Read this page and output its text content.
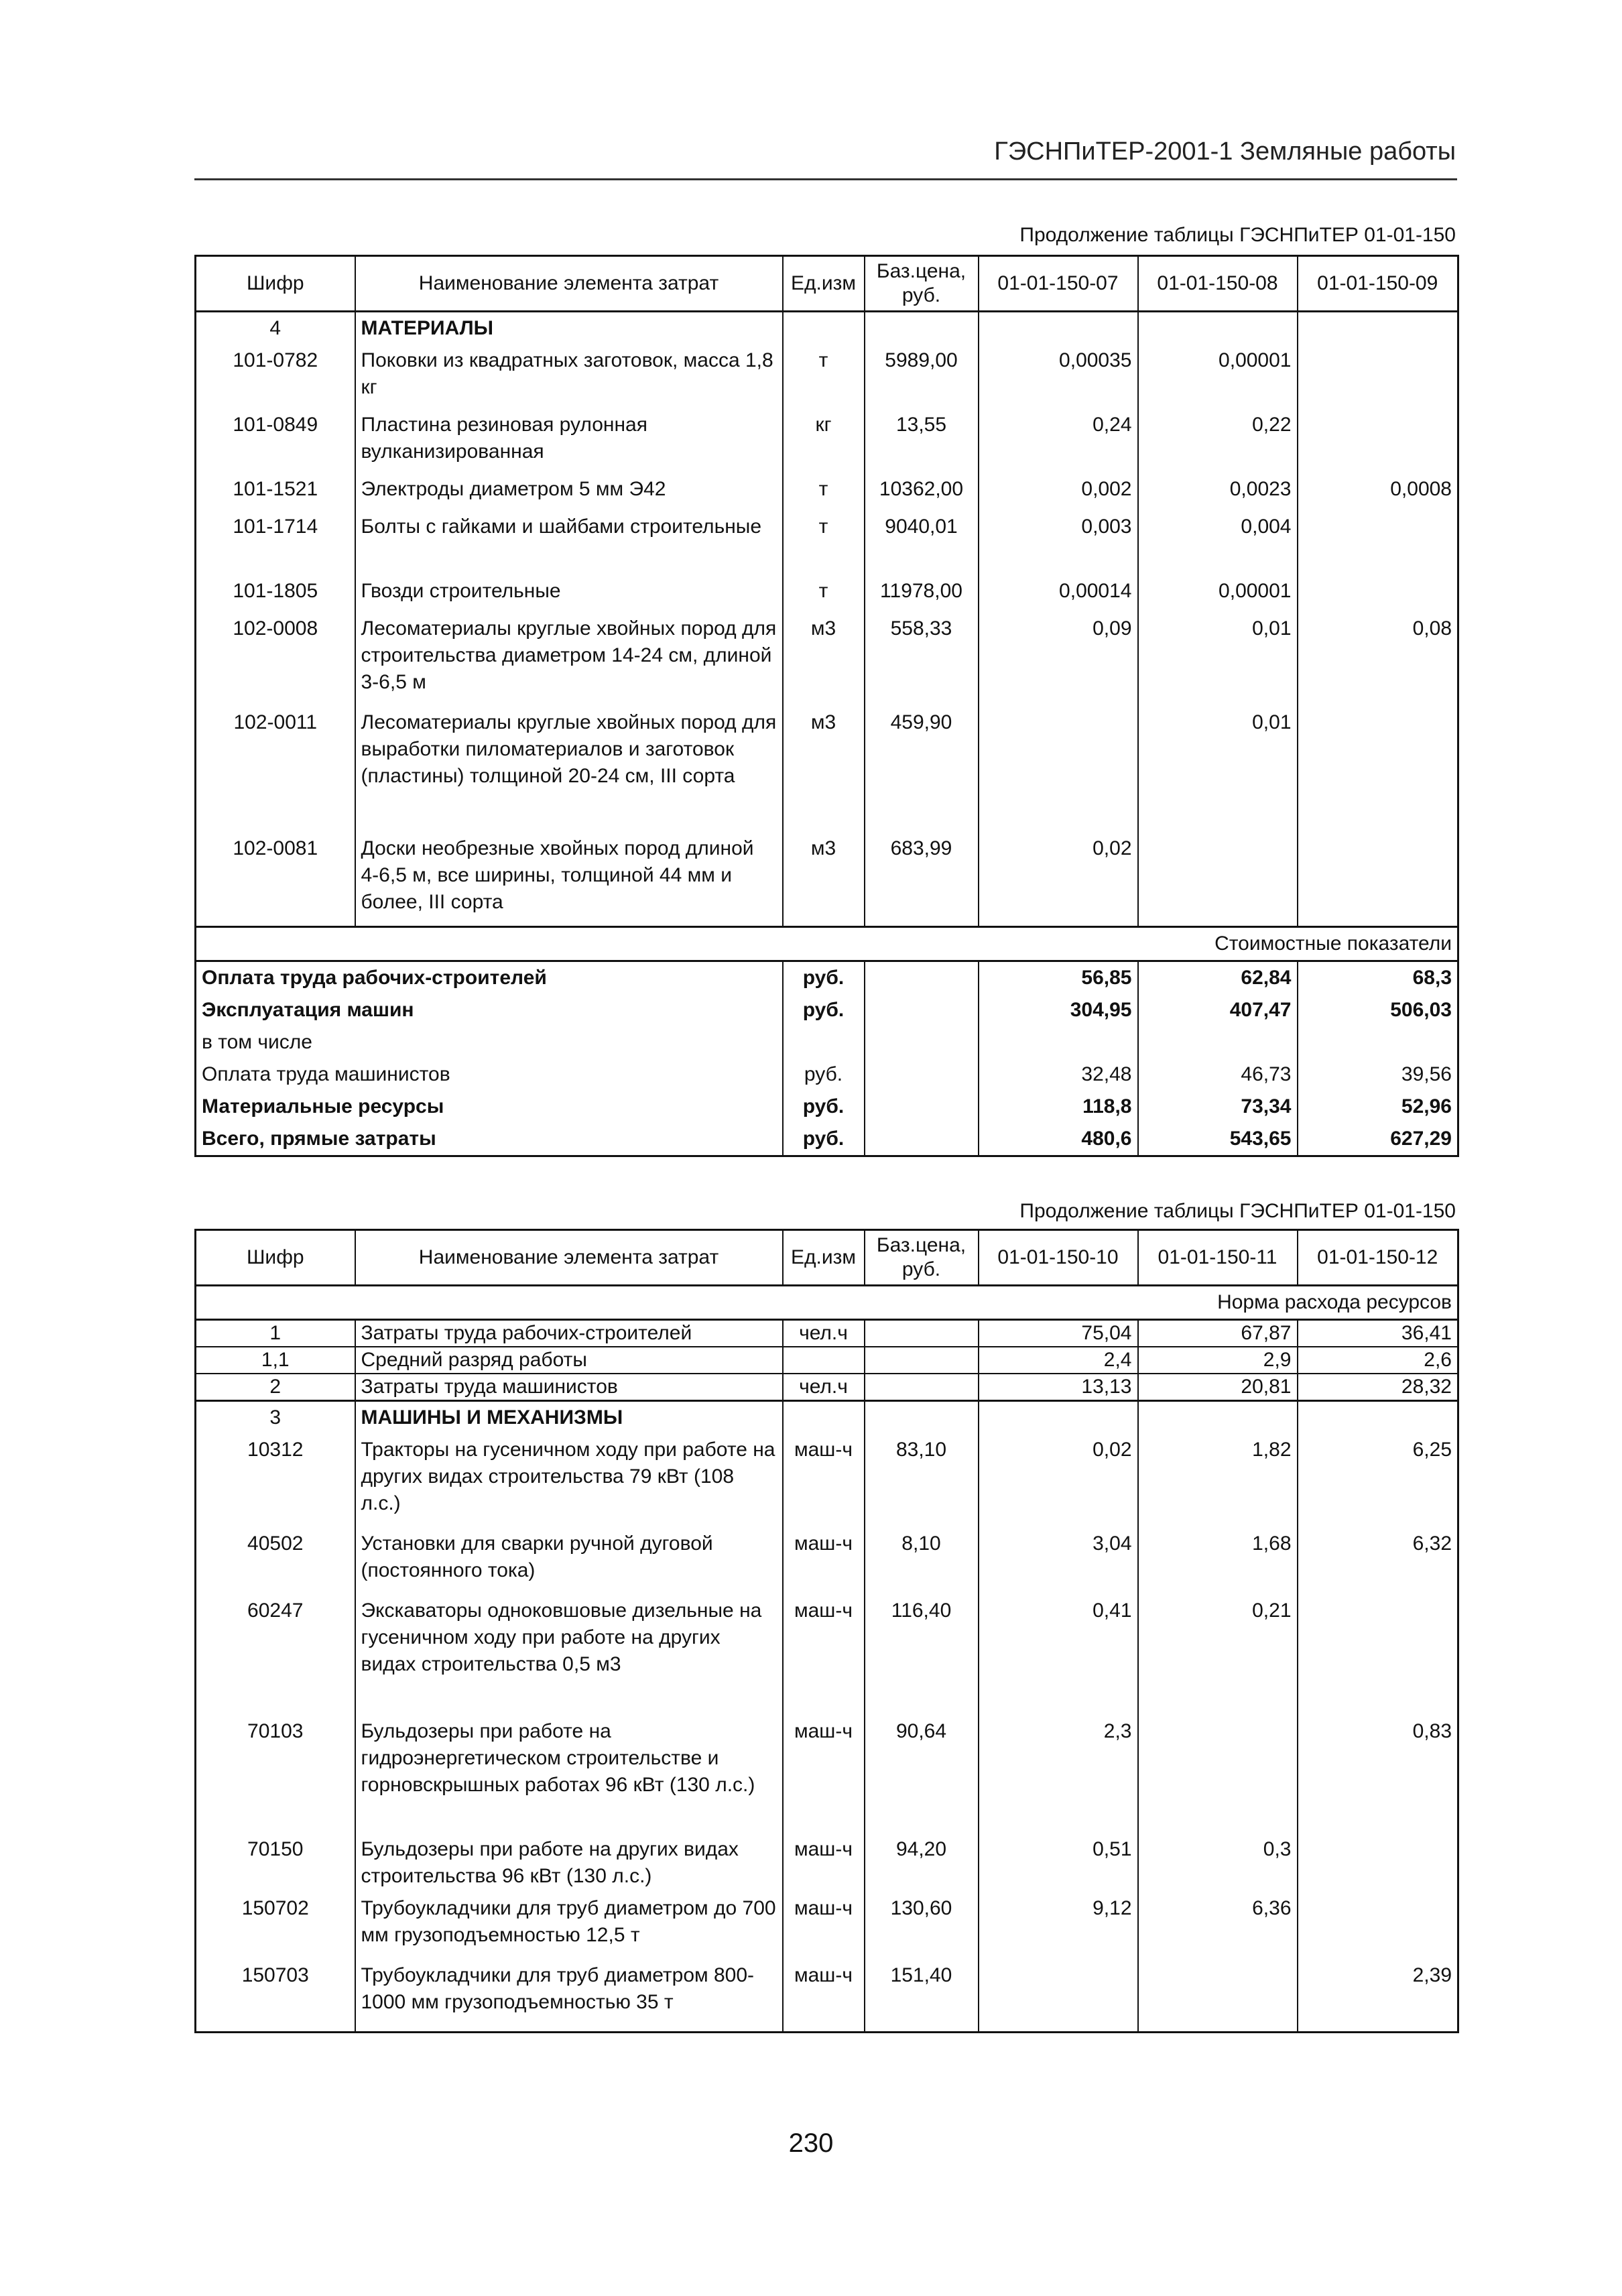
ГЭСНПиТЕР-2001-1 Земляные работы
Продолжение таблицы ГЭСНПиТЕР 01-01-150
Шифр	Наименование элемента затрат	Ед.изм	Баз.цена, руб.	01-01-150-07	01-01-150-08	01-01-150-09
4	МАТЕРИАЛЫ					
101-0782	Поковки из квадратных заготовок, масса 1,8 кг	т	5989,00	0,00035	0,00001	
101-0849	Пластина резиновая рулонная вулканизированная	кг	13,55	0,24	0,22	
101-1521	Электроды диаметром 5 мм Э42	т	10362,00	0,002	0,0023	0,0008
101-1714	Болты с гайками и шайбами строительные	т	9040,01	0,003	0,004	
101-1805	Гвозди строительные	т	11978,00	0,00014	0,00001	
102-0008	Лесоматериалы круглые хвойных пород для строительства диаметром 14-24 см, длиной 3-6,5 м	м3	558,33	0,09	0,01	0,08
102-0011	Лесоматериалы круглые хвойных пород для выработки пиломатериалов и заготовок (пластины) толщиной 20-24 см, III сорта	м3	459,90		0,01	
102-0081	Доски необрезные хвойных пород длиной 4-6,5 м, все ширины, толщиной 44 мм и более, III сорта	м3	683,99	0,02		
Стоимостные показатели						
Оплата труда рабочих-строителей		руб.		56,85	62,84	68,3
Эксплуатация машин		руб.		304,95	407,47	506,03
в том числе						
Оплата труда машинистов		руб.		32,48	46,73	39,56
Материальные ресурсы		руб.		118,8	73,34	52,96
Всего, прямые затраты		руб.		480,6	543,65	627,29
Продолжение таблицы ГЭСНПиТЕР 01-01-150
Шифр	Наименование элемента затрат	Ед.изм	Баз.цена, руб.	01-01-150-10	01-01-150-11	01-01-150-12
Норма расхода ресурсов						
1	Затраты труда рабочих-строителей	чел.ч		75,04	67,87	36,41
1,1	Средний разряд работы			2,4	2,9	2,6
2	Затраты труда машинистов	чел.ч		13,13	20,81	28,32
3	МАШИНЫ И МЕХАНИЗМЫ					
10312	Тракторы на гусеничном ходу при работе на других видах строительства 79 кВт (108 л.с.)	маш-ч	83,10	0,02	1,82	6,25
40502	Установки для сварки ручной дуговой (постоянного тока)	маш-ч	8,10	3,04	1,68	6,32
60247	Экскаваторы одноковшовые дизельные на гусеничном ходу при работе на других видах строительства 0,5 м3	маш-ч	116,40	0,41	0,21	
70103	Бульдозеры при работе на гидроэнергетическом строительстве и горновскрышных работах 96 кВт (130 л.с.)	маш-ч	90,64	2,3		0,83
70150	Бульдозеры при работе на других видах строительства 96 кВт (130 л.с.)	маш-ч	94,20	0,51	0,3	
150702	Трубоукладчики для труб диаметром до 700 мм грузоподъемностью 12,5 т	маш-ч	130,60	9,12	6,36	
150703	Трубоукладчики для труб диаметром 800-1000 мм грузоподъемностью 35 т	маш-ч	151,40			2,39
230
